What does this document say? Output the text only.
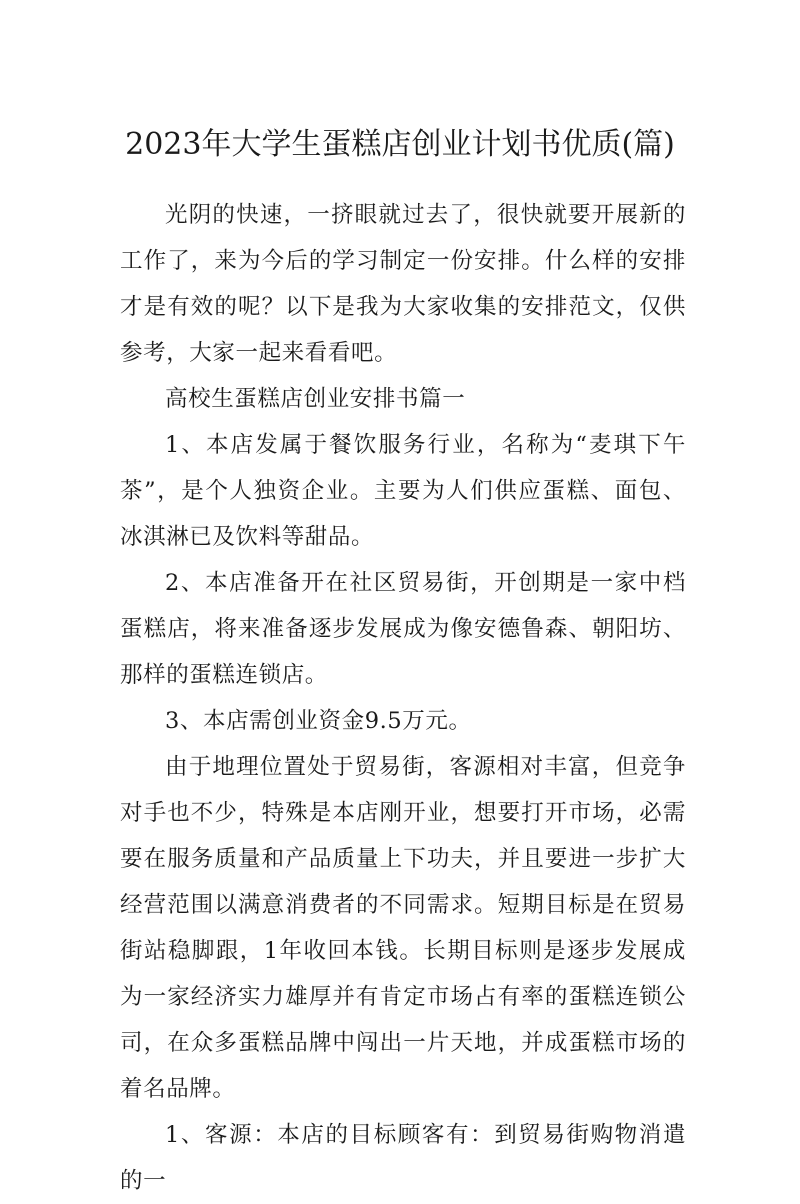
2023年大学生蛋糕店创业计划书优质(篇)

光阴的快速，一挤眼就过去了，很快就要开展新的工作了，来为今后的学习制定一份安排。什么样的安排才是有效的呢？以下是我为大家收集的安排范文，仅供参考，大家一起来看看吧。

高校生蛋糕店创业安排书篇一

1、本店发属于餐饮服务行业，名称为“麦琪下午茶”，是个人独资企业。主要为人们供应蛋糕、面包、冰淇淋已及饮料等甜品。

2、本店准备开在社区贸易街，开创期是一家中档蛋糕店，将来准备逐步发展成为像安德鲁森、朝阳坊、那样的蛋糕连锁店。

3、本店需创业资金9.5万元。

由于地理位置处于贸易街，客源相对丰富，但竞争对手也不少，特殊是本店刚开业，想要打开市场，必需要在服务质量和产品质量上下功夫，并且要进一步扩大经营范围以满意消费者的不同需求。短期目标是在贸易街站稳脚跟，1年收回本钱。长期目标则是逐步发展成为一家经济实力雄厚并有肯定市场占有率的蛋糕连锁公司，在众多蛋糕品牌中闯出一片天地，并成蛋糕市场的着名品牌。

1、客源：本店的目标顾客有：到贸易街购物消遣的一
